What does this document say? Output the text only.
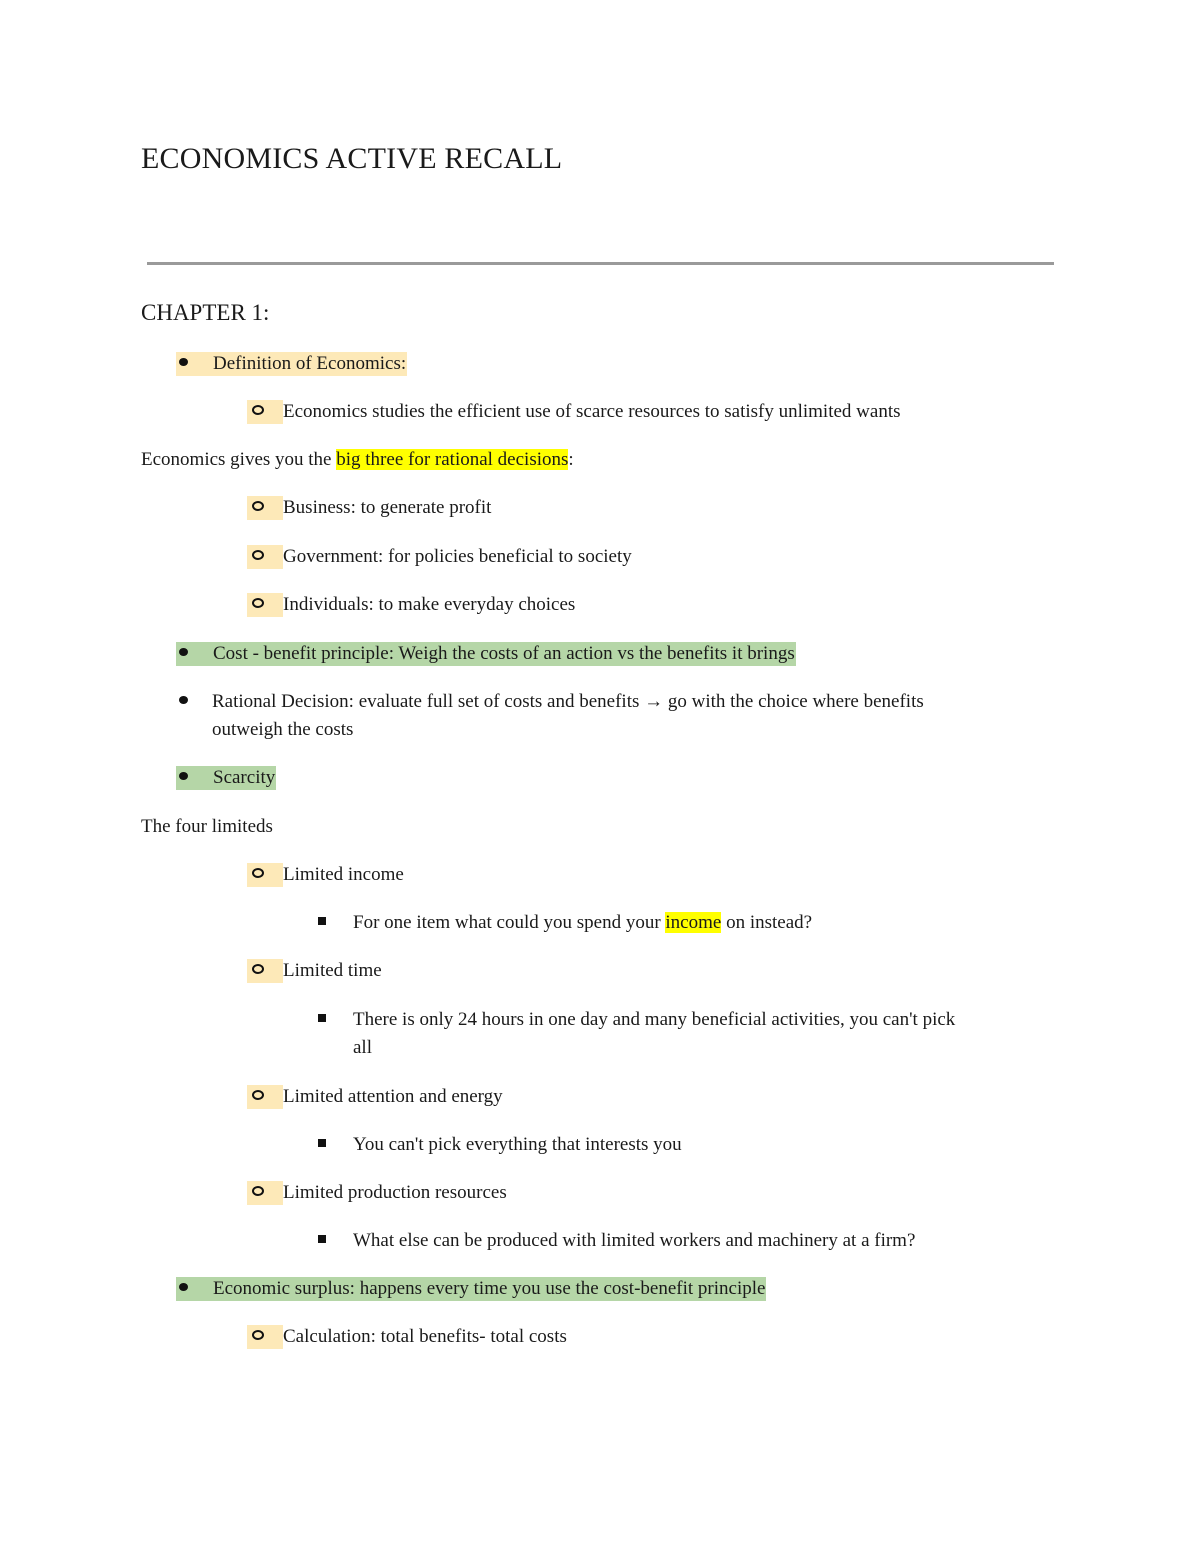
ECONOMICS ACTIVE RECALL
CHAPTER 1:
Definition of Economics:
Economics studies the efficient use of scarce resources to satisfy unlimited wants
Economics gives you the big three for rational decisions:
Business: to generate profit
Government: for policies beneficial to society
Individuals: to make everyday choices
Cost - benefit principle: Weigh the costs of an action vs the benefits it brings
Rational Decision: evaluate full set of costs and benefits → go with the choice where benefits
outweigh the costs
Scarcity
The four limiteds
Limited income
For one item what could you spend your income on instead?
Limited time
There is only 24 hours in one day and many beneficial activities, you can't pick
all
Limited attention and energy
You can't pick everything that interests you
Limited production resources
What else can be produced with limited workers and machinery at a firm?
Economic surplus: happens every time you use the cost-benefit principle
Calculation: total benefits- total costs
